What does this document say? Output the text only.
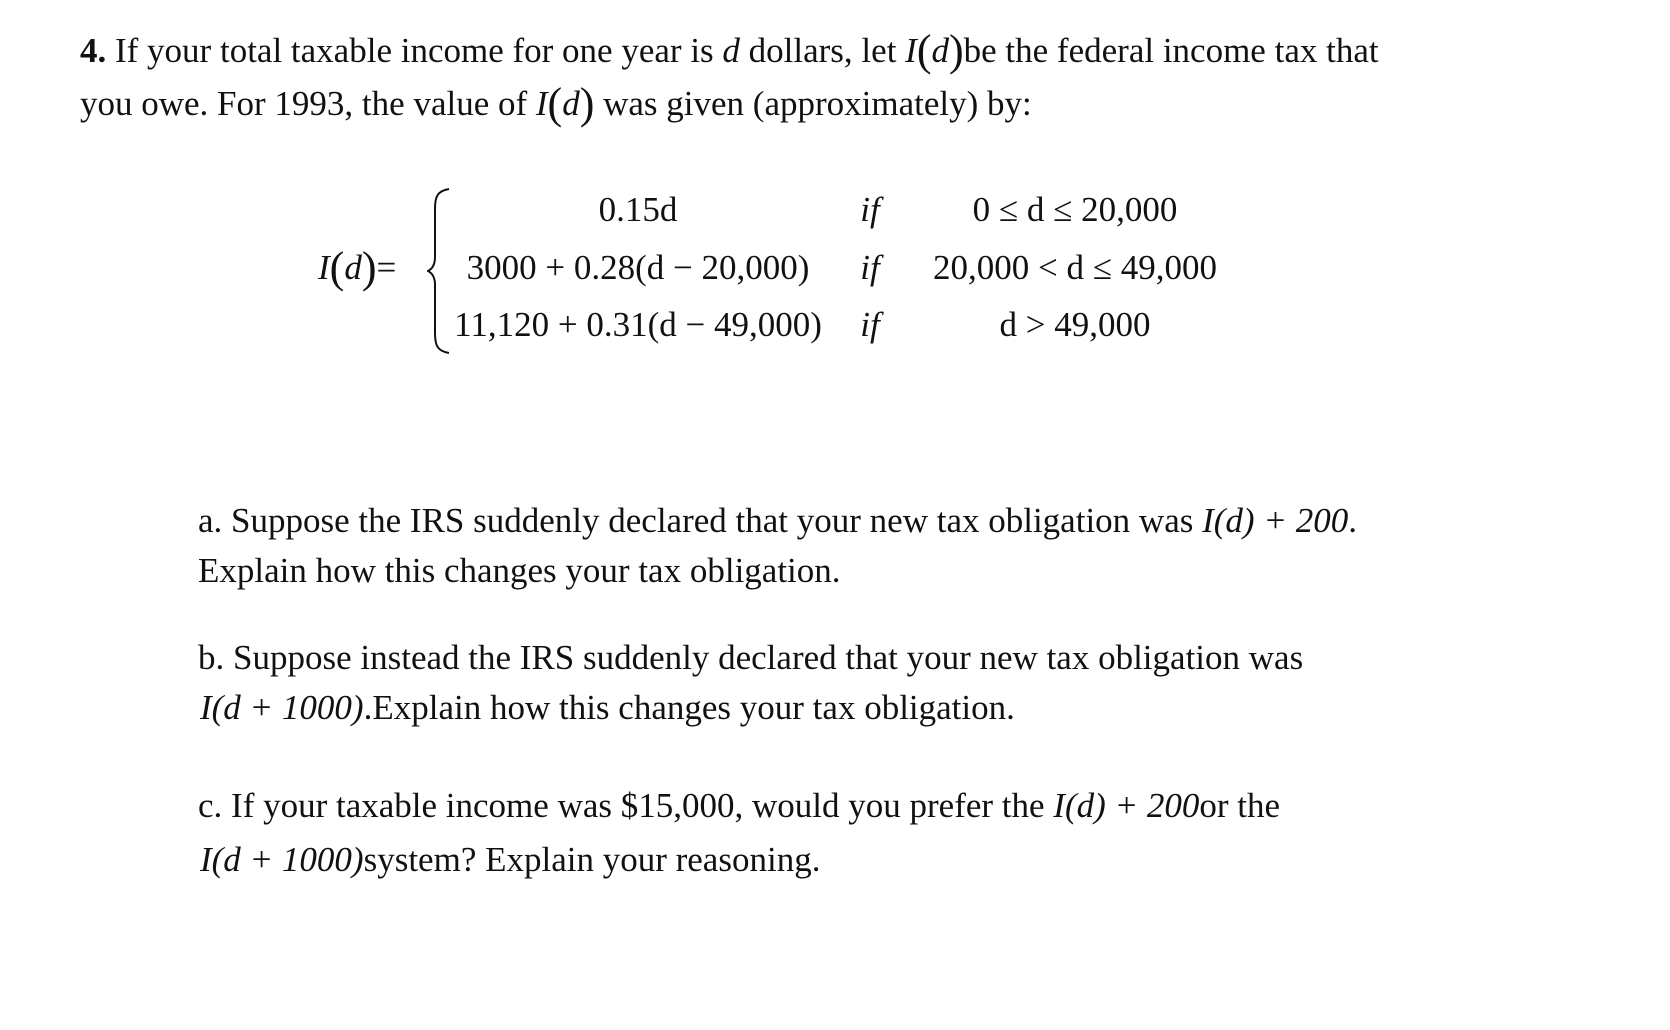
4. If your total taxable income for one year is d dollars, let I(d)be the federal income tax that
you owe. For 1993, the value of I(d) was given (approximately) by:
I(d)=
0.15d	if	0 ≤ d ≤ 20,000
3000 + 0.28(d − 20,000)	if	20,000 < d ≤ 49,000
11,120 + 0.31(d − 49,000)	if	d > 49,000
a. Suppose the IRS suddenly declared that your new tax obligation was I(d) + 200.
Explain how this changes your tax obligation.
b. Suppose instead the IRS suddenly declared that your new tax obligation was
I(d + 1000).Explain how this changes your tax obligation.
c. If your taxable income was $15,000, would you prefer the I(d) + 200or the
I(d + 1000)system? Explain your reasoning.
